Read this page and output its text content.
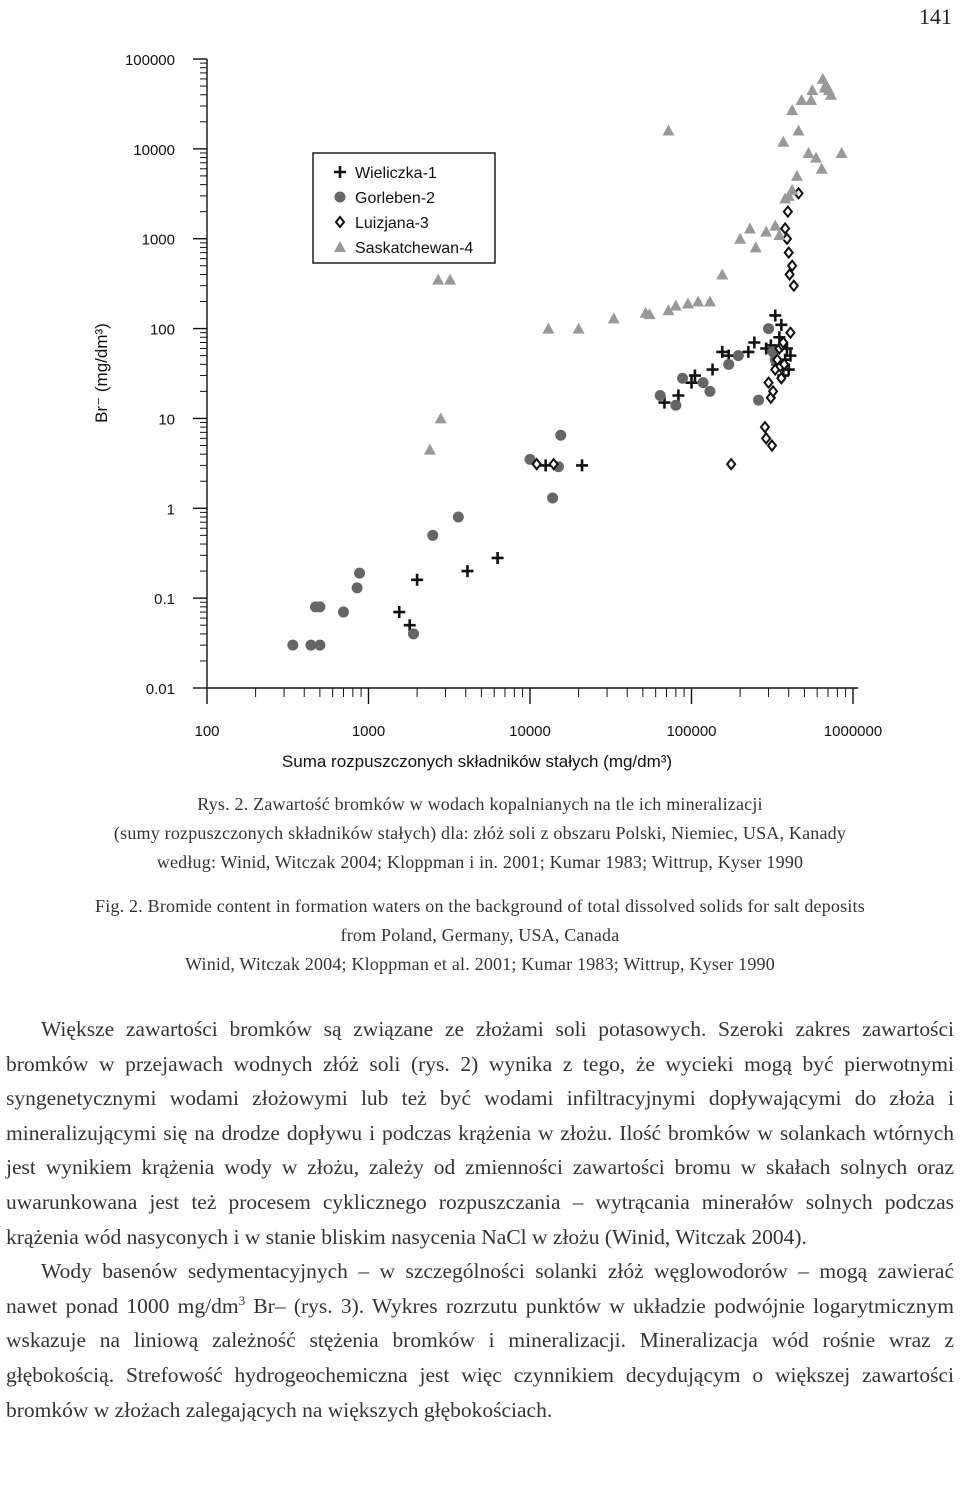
141
0.01
0.1
1
10
100
1000
10000
100000
100	1000	10000	100000	1000000
Wieliczka-1
Gorleben-2
Luizjana-3
Saskatchewan-4
Suma rozpuszczonych składników stałych (mg/dm³)
Br⁻ (mg/dm³)
Rys. 2. Zawartość bromków w wodach kopalnianych na tle ich mineralizacji
(sumy rozpuszczonych składników stałych) dla: złóż soli z obszaru Polski, Niemiec, USA, Kanady
według: Winid, Witczak 2004; Kloppman i in. 2001; Kumar 1983; Wittrup, Kyser 1990
Fig. 2. Bromide content in formation waters on the background of total dissolved solids for salt deposits
from Poland, Germany, USA, Canada
Winid, Witczak 2004; Kloppman et al. 2001; Kumar 1983; Wittrup, Kyser 1990

Większe zawartości bromków są związane ze złożami soli potasowych. Szeroki zakres zawartości bromków w przejawach wodnych złóż soli (rys. 2) wynika z tego, że wycieki mogą być pierwotnymi syngenetycznymi wodami złożowymi lub też być wodami infiltracyjnymi dopływającymi do złoża i mineralizującymi się na drodze dopływu i podczas krążenia w złożu. Ilość bromków w solankach wtórnych jest wynikiem krążenia wody w złożu, zależy od zmienności zawartości bromu w skałach solnych oraz uwarunkowana jest też procesem cyklicznego rozpuszczania – wytrącania minerałów solnych podczas krążenia wód nasyconych i w stanie bliskim nasycenia NaCl w złożu (Winid, Witczak 2004).

Wody basenów sedymentacyjnych – w szczególności solanki złóż węglowodorów – mogą zawierać nawet ponad 1000 $mg/dm^3$ Br– (rys. 3). Wykres rozrzutu punktów w układzie podwójnie logarytmicznym wskazuje na liniową zależność stężenia bromków i mineralizacji. Mineralizacja wód rośnie wraz z głębokością. Strefowość hydrogeochemiczna jest więc czynnikiem decydującym o większej zawartości bromków w złożach zalegających na większych głębokościach.
